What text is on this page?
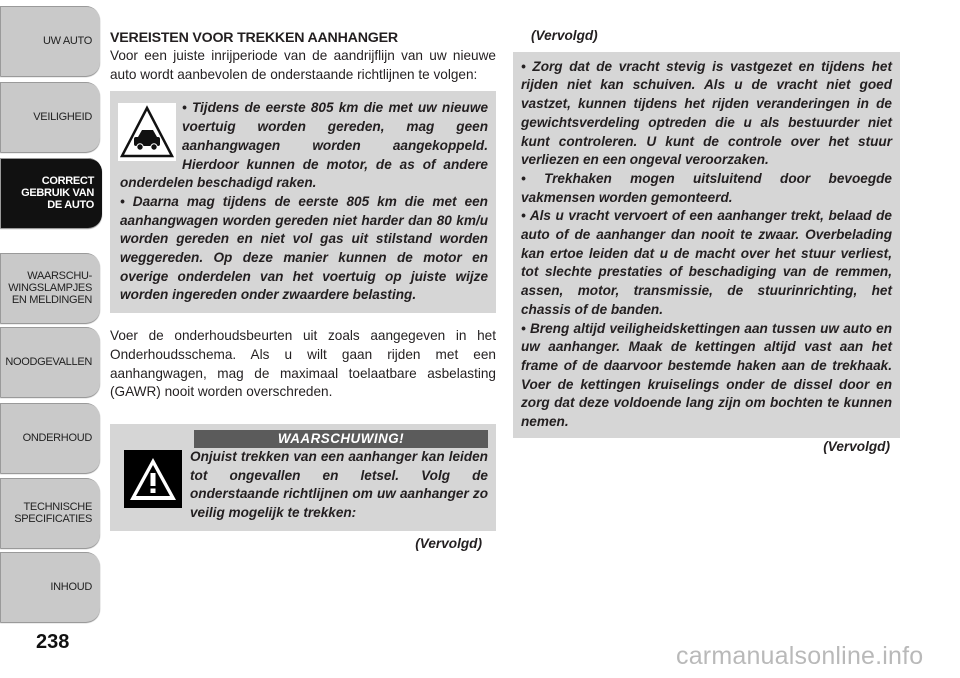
UW AUTO
VEILIGHEID
CORRECT
GEBRUIK VAN
DE AUTO
WAARSCHU-
WINGSLAMPJES
EN MELDINGEN
NOODGEVALLEN
ONDERHOUD
TECHNISCHE
SPECIFICATIES
INHOUD
238
VEREISTEN VOOR TREKKEN AANHANGER

Voor een juiste inrijperiode van de aandrijflijn van uw nieuwe auto wordt aanbevolen de onderstaande richtlijnen te volgen:

• Tijdens de eerste 805 km die met uw nieuwe voertuig worden gereden, mag geen aanhangwagen worden aangekoppeld. Hierdoor kunnen de motor, de as of andere onderdelen beschadigd raken.

• Daarna mag tijdens de eerste 805 km die met een aanhangwagen worden gereden niet harder dan 80 km/u worden gereden en niet vol gas uit stilstand worden weggereden. Op deze manier kunnen de motor en overige onderdelen van het voertuig op juiste wijze worden ingereden onder zwaardere belasting.

Voer de onderhoudsbeurten uit zoals aangegeven in het Onderhoudsschema. Als u wilt gaan rijden met een aanhangwagen, mag de maximaal toelaatbare asbelasting (GAWR) nooit worden overschreden.

WAARSCHUWING!
Onjuist trekken van een aanhanger kan leiden tot ongevallen en letsel. Volg de onderstaande richtlijnen om uw aanhanger zo veilig mogelijk te trekken:
(Vervolgd)
(Vervolgd)

• Zorg dat de vracht stevig is vastgezet en tijdens het rijden niet kan schuiven. Als u de vracht niet goed vastzet, kunnen tijdens het rijden veranderingen in de gewichtsverdeling optreden die u als bestuurder niet kunt controleren. U kunt de controle over het stuur verliezen en een ongeval veroorzaken.

• Trekhaken mogen uitsluitend door bevoegde vakmensen worden gemonteerd.

• Als u vracht vervoert of een aanhanger trekt, belaad de auto of de aanhanger dan nooit te zwaar. Overbelading kan ertoe leiden dat u de macht over het stuur verliest, tot slechte prestaties of beschadiging van de remmen, assen, motor, transmissie, de stuurinrichting, het chassis of de banden.

• Breng altijd veiligheidskettingen aan tussen uw auto en uw aanhanger. Maak de kettingen altijd vast aan het frame of de daarvoor bestemde haken aan de trekhaak. Voer de kettingen kruiselings onder de dissel door en zorg dat deze voldoende lang zijn om bochten te kunnen nemen.

(Vervolgd)
carmanualsonline.info
